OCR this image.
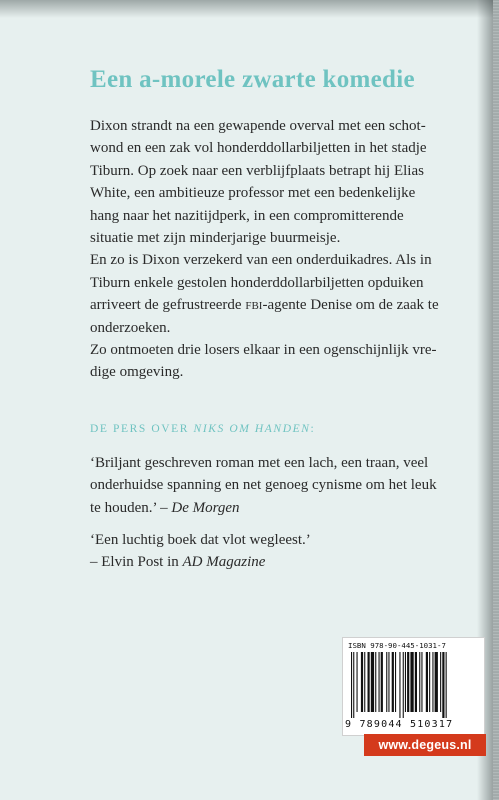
Een a-morele zwarte komedie

Dixon strandt na een gewapende overval met een schot-wond en een zak vol honderddollarbiljetten in het stadje Tiburn. Op zoek naar een verblijfplaats betrapt hij Elias White, een ambitieuze professor met een bedenkelijke hang naar het nazitijdperk, in een compromitterende situatie met zijn minderjarige buurmeisje.

En zo is Dixon verzekerd van een onderduikadres. Als in Tiburn enkele gestolen honderddollarbiljetten opduiken arriveert de gefrustreerde fbi-agente Denise om de zaak te onderzoeken.

Zo ontmoeten drie losers elkaar in een ogenschijnlijk vre-dige omgeving.

DE PERS OVER NIKS OM HANDEN:

‘Briljant geschreven roman met een lach, een traan, veel onderhuidse spanning en net genoeg cynisme om het leuk te houden.’ – De Morgen

‘Een luchtig boek dat vlot wegleest.’
– Elvin Post in AD Magazine

ISBN 978-90-445-1031-7
9 789044 510317
www.degeus.nl
